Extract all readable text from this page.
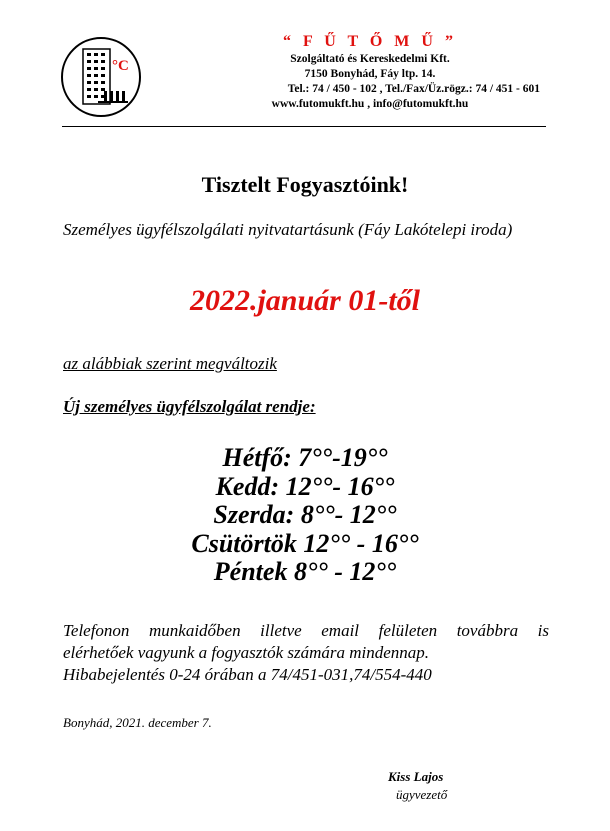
°C
“ F Ű T Ő M Ű ”
Szolgáltató és Kereskedelmi Kft.
7150 Bonyhád, Fáy ltp. 14.
Tel.: 74 / 450 - 102 , Tel./Fax/Üz.rögz.: 74 / 451 - 601
www.futomukft.hu , info@futomukft.hu
Tisztelt Fogyasztóink!
Személyes ügyfélszolgálati nyitvatartásunk (Fáy Lakótelepi iroda)
2022.január 01-től
az alábbiak szerint megváltozik
Új személyes ügyfélszolgálat rendje:
Hétfő: 7°°-19°°
Kedd: 12°°- 16°°
Szerda: 8°°- 12°°
Csütörtök 12°° - 16°°
Péntek 8°° - 12°°
Telefonon munkaidőben illetve email felületen továbbra is
elérhetőek vagyunk a fogyasztók számára mindennap.
Hibabejelentés 0-24 órában a 74/451-031,74/554-440
Bonyhád, 2021. december 7.
Kiss Lajos
ügyvezető
